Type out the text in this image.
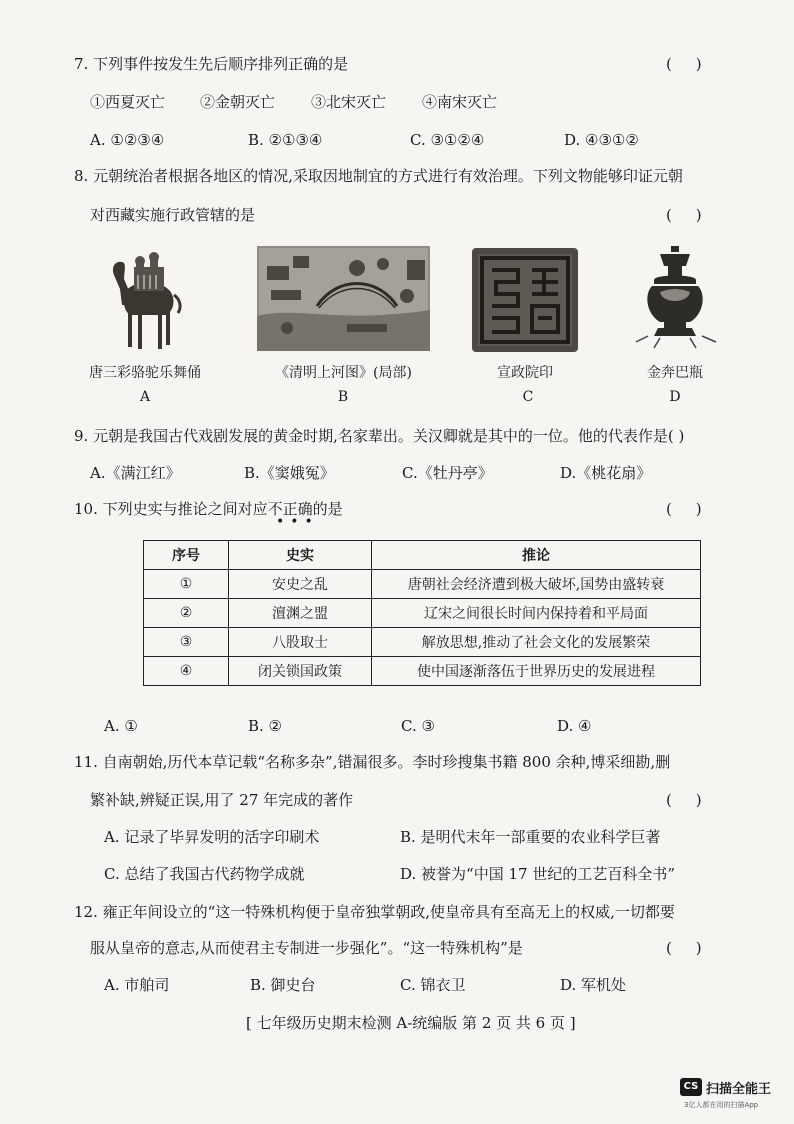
7. 下列事件按发生先后顺序排列正确的是	(     )
①西夏灭亡 ②金朝灭亡 ③北宋灭亡 ④南宋灭亡
A. ①②③④	B. ②①③④	C. ③①②④	D. ④③①②
8. 元朝统治者根据各地区的情况,采取因地制宜的方式进行有效治理。下列文物能够印证元朝
对西藏实施行政管辖的是	(     )
唐三彩骆驼乐舞俑
A
《清明上河图》(局部)
B
宣政院印
C
金奔巴瓶
D
9. 元朝是我国古代戏剧发展的黄金时期,名家辈出。关汉卿就是其中的一位。他的代表作是( )
A.《满江红》	B.《窦娥冤》	C.《牡丹亭》	D.《桃花扇》
10. 下列史实与推论之间对应不正确的是
•••
(     )
序号	史实	推论
①	安史之乱	唐朝社会经济遭到极大破坏,国势由盛转衰
②	澶渊之盟	辽宋之间很长时间内保持着和平局面
③	八股取士	解放思想,推动了社会文化的发展繁荣
④	闭关锁国政策	使中国逐渐落伍于世界历史的发展进程
A. ①	B. ②	C. ③	D. ④
11. 自南朝始,历代本草记载“名称多杂”,错漏很多。李时珍搜集书籍 800 余种,博采细勘,删
繁补缺,辨疑正误,用了 27 年完成的著作	(     )
A. 记录了毕昇发明的活字印刷术	B. 是明代末年一部重要的农业科学巨著
C. 总结了我国古代药物学成就	D. 被誉为“中国 17 世纪的工艺百科全书”
12. 雍正年间设立的“这一特殊机构便于皇帝独掌朝政,使皇帝具有至高无上的权威,一切都要
服从皇帝的意志,从而使君主专制进一步强化”。“这一特殊机构”是	(     )
A. 市舶司	B. 御史台	C. 锦衣卫	D. 军机处
[ 七年级历史期末检测 A-统编版 第 2 页 共 6 页 ]
CS 扫描全能王
3亿人都在用的扫描App
